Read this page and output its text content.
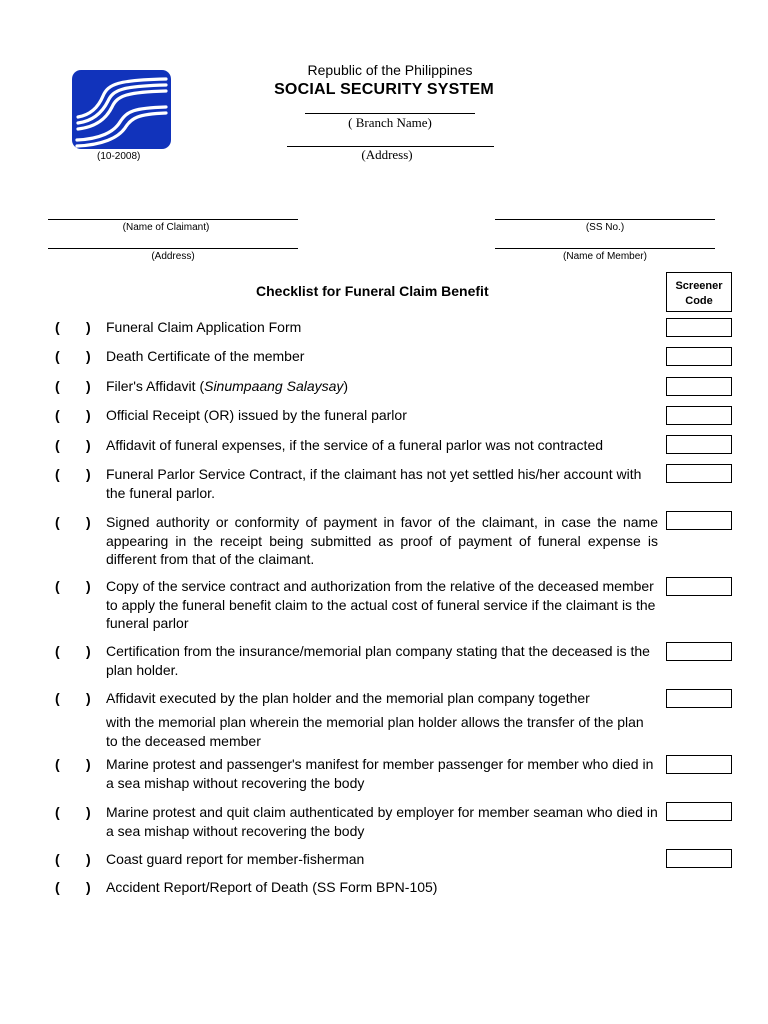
(10-2008)
Republic of the Philippines
SOCIAL SECURITY SYSTEM
( Branch Name)
(Address)
(Name of Claimant)	(SS No.)
(Address)	(Name of Member)
Checklist for Funeral Claim Benefit	Screener
Code
( ) Funeral Claim Application Form
( ) Death Certificate of the member
( ) Filer's Affidavit (Sinumpaang Salaysay)
( ) Official Receipt (OR) issued by the funeral parlor
( ) Affidavit of funeral expenses, if the service of a funeral parlor was not contracted
( ) Funeral Parlor Service Contract, if the claimant has not yet settled his/her account with the funeral parlor.
( ) Signed authority or conformity of payment in favor of the claimant, in case the name appearing in the receipt being submitted as proof of payment of funeral expense is different from that of the claimant.
( ) Copy of the service contract and authorization from the relative of the deceased member to apply the funeral benefit claim to the actual cost of funeral service if the claimant is the funeral parlor
( ) Certification from the insurance/memorial plan company stating that the deceased is the plan holder.
( ) Affidavit executed by the plan holder and the memorial plan company together
with the memorial plan wherein the memorial plan holder allows the transfer of the plan to the deceased member
( ) Marine protest and passenger's manifest for member passenger for member who died in a sea mishap without recovering the body
( ) Marine protest and quit claim authenticated by employer for member seaman who died in a sea mishap without recovering the body
( ) Coast guard report for member-fisherman
( ) Accident Report/Report of Death (SS Form BPN-105)
